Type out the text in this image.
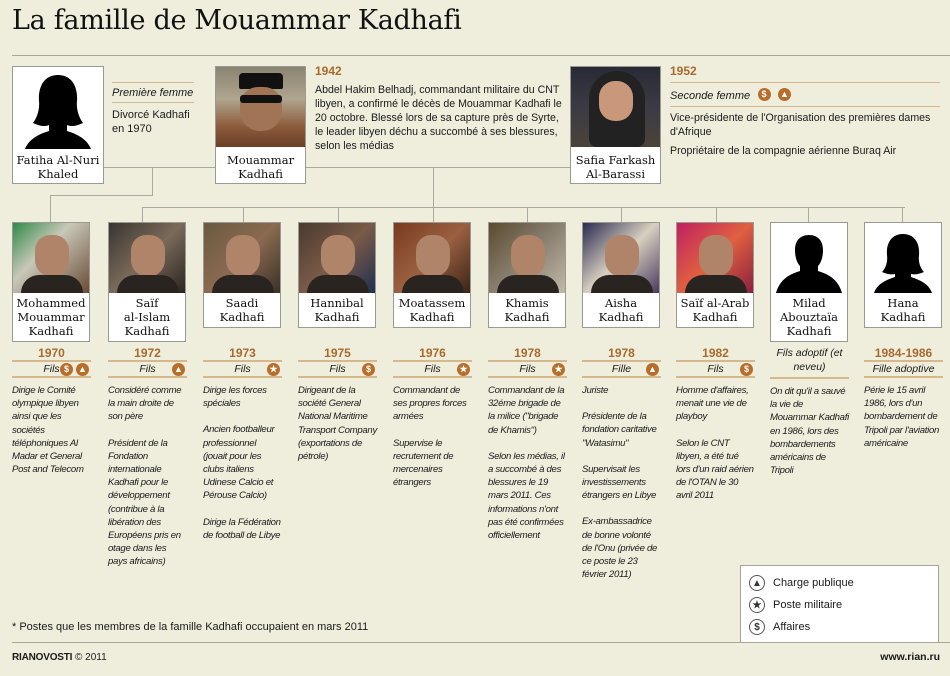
La famille de Mouammar Kadhafi
Fatiha Al-Nuri
Khaled
Première femme
Divorcé Kadhafi en 1970
Mouammar
Kadhafi
1942
Abdel Hakim Belhadj, commandant militaire du CNT libyen, a confirmé le décès de Mouammar Kadhafi le 20 octobre. Blessé lors de sa capture près de Syrte, le leader libyen déchu a succombé à ses blessures, selon les médias
Safia Farkash
Al-Barassi
1952
Seconde femme $ ▲
Vice-présidente de l'Organisation des premières dames d'Afrique
Propriétaire de la compagnie aérienne Buraq Air
Mohammed
Mouammar
Kadhafi
1970
Fils $	▲

Dirige le Comité olympique libyen ainsi que les sociétés téléphoniques Al Madar et General Post and Telecom

Saïf
al-Islam
Kadhafi
1972
Fils ▲

Considéré comme la main droite de son père

Président de la Fondation internationale Kadhafi pour le développement (contribue à la libération des Européens pris en otage dans les pays africains)

Saadi
Kadhafi
1973
Fils ★

Dirige les forces spéciales

Ancien footballeur professionnel (jouait pour les clubs italiens Udinese Calcio et Pérouse Calcio)

Dirige la Fédération de football de Libye

Hannibal
Kadhafi
1975
Fils	$

Dirigeant de la société General National Maritime Transport Company (exportations de pétrole)

Moatassem
Kadhafi
1976
Fils ★

Commandant de ses propres forces armées

Supervise le recrutement de mercenaires étrangers

Khamis
Kadhafi
1978
Fils ★

Commandant de la 32éme brigade de la milice ("brigade de Khamis")

Selon les médias, il a succombé à des blessures le 19 mars 2011. Ces informations n'ont pas été confirmées officiellement

Aisha
Kadhafi
1978
Fille ▲

Juriste

Présidente de la fondation caritative "Watasimu"

Supervisait les investissements étrangers en Libye

Ex-ambassadrice de bonne volonté de l'Onu (privée de ce poste le 23 février 2011)

Saïf al-Arab
Kadhafi
1982
Fils	$

Homme d'affaires, menait une vie de playboy

Selon le CNT libyen, a été tué lors d'un raid aérien de l'OTAN le 30 avril 2011

Milad
Abouztaïa
Kadhafi
Fils adoptif (et neveu)

On dit qu'il a sauvé la vie de Mouammar Kadhafi en 1986, lors des bombardements américains de Tripoli

Hana
Kadhafi
1984-1986
Fille adoptive

Périe le 15 avril 1986, lors d'un bombardement de Tripoli par l'aviation américaine

▲ Charge publique
★	Poste militaire
$	Affaires
* Postes que les membres de la famille Kadhafi occupaient en mars 2011
RIANOVOSTI © 2011	www.rian.ru
